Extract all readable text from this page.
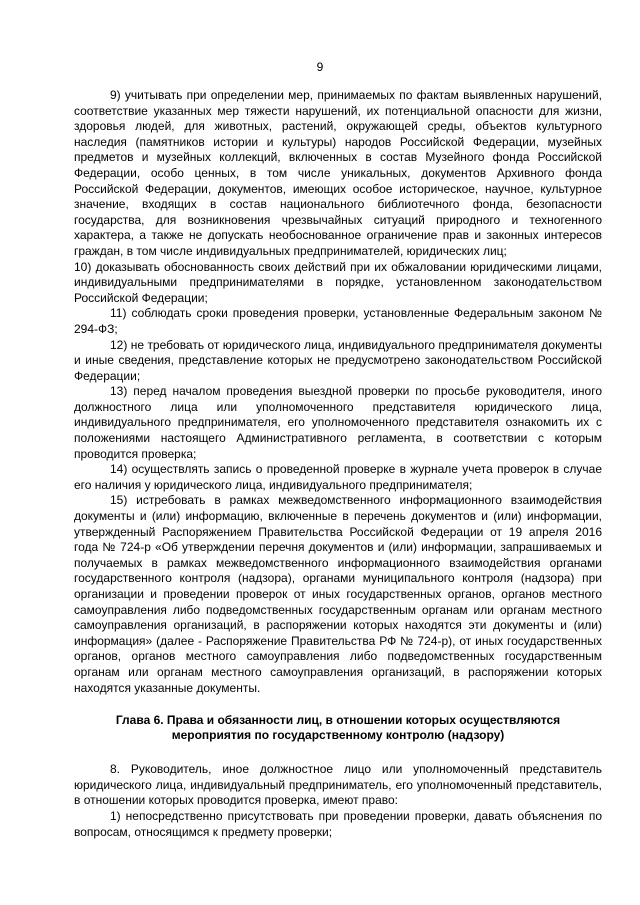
9

9) учитывать при определении мер, принимаемых по фактам выявленных нарушений, соответствие указанных мер тяжести нарушений, их потенциальной опасности для жизни, здоровья людей, для животных, растений, окружающей среды, объектов культурного наследия (памятников истории и культуры) народов Российской Федерации, музейных предметов и музейных коллекций, включенных в состав Музейного фонда Российской Федерации, особо ценных, в том числе уникальных, документов Архивного фонда Российской Федерации, документов, имеющих особое историческое, научное, культурное значение, входящих в состав национального библиотечного фонда, безопасности государства, для возникновения чрезвычайных ситуаций природного и техногенного характера, а также не допускать необоснованное ограничение прав и законных интересов граждан, в том числе индивидуальных предпринимателей, юридических лиц;

10) доказывать обоснованность своих действий при их обжаловании юридическими лицами, индивидуальными предпринимателями в порядке, установленном законодательством Российской Федерации;

11) соблюдать сроки проведения проверки, установленные Федеральным законом № 294-ФЗ;

12) не требовать от юридического лица, индивидуального предпринимателя документы и иные сведения, представление которых не предусмотрено законодательством Российской Федерации;

13) перед началом проведения выездной проверки по просьбе руководителя, иного должностного лица или уполномоченного представителя юридического лица, индивидуального предпринимателя, его уполномоченного представителя ознакомить их с положениями настоящего Административного регламента, в соответствии с которым проводится проверка;

14) осуществлять запись о проведенной проверке в журнале учета проверок в случае его наличия у юридического лица, индивидуального предпринимателя;

15) истребовать в рамках межведомственного информационного взаимодействия документы и (или) информацию, включенные в перечень документов и (или) информации, утвержденный Распоряжением Правительства Российской Федерации от 19 апреля 2016 года № 724-р «Об утверждении перечня документов и (или) информации, запрашиваемых и получаемых в рамках межведомственного информационного взаимодействия органами государственного контроля (надзора), органами муниципального контроля (надзора) при организации и проведении проверок от иных государственных органов, органов местного самоуправления либо подведомственных государственным органам или органам местного самоуправления организаций, в распоряжении которых находятся эти документы и (или) информация» (далее - Распоряжение Правительства РФ № 724-р), от иных государственных органов, органов местного самоуправления либо подведомственных государственным органам или органам местного самоуправления организаций, в распоряжении которых находятся указанные документы.

Глава 6. Права и обязанности лиц, в отношении которых осуществляются
мероприятия по государственному контролю (надзору)

8. Руководитель, иное должностное лицо или уполномоченный представитель юридического лица, индивидуальный предприниматель, его уполномоченный представитель, в отношении которых проводится проверка, имеют право:

1) непосредственно присутствовать при проведении проверки, давать объяснения по вопросам, относящимся к предмету проверки;
